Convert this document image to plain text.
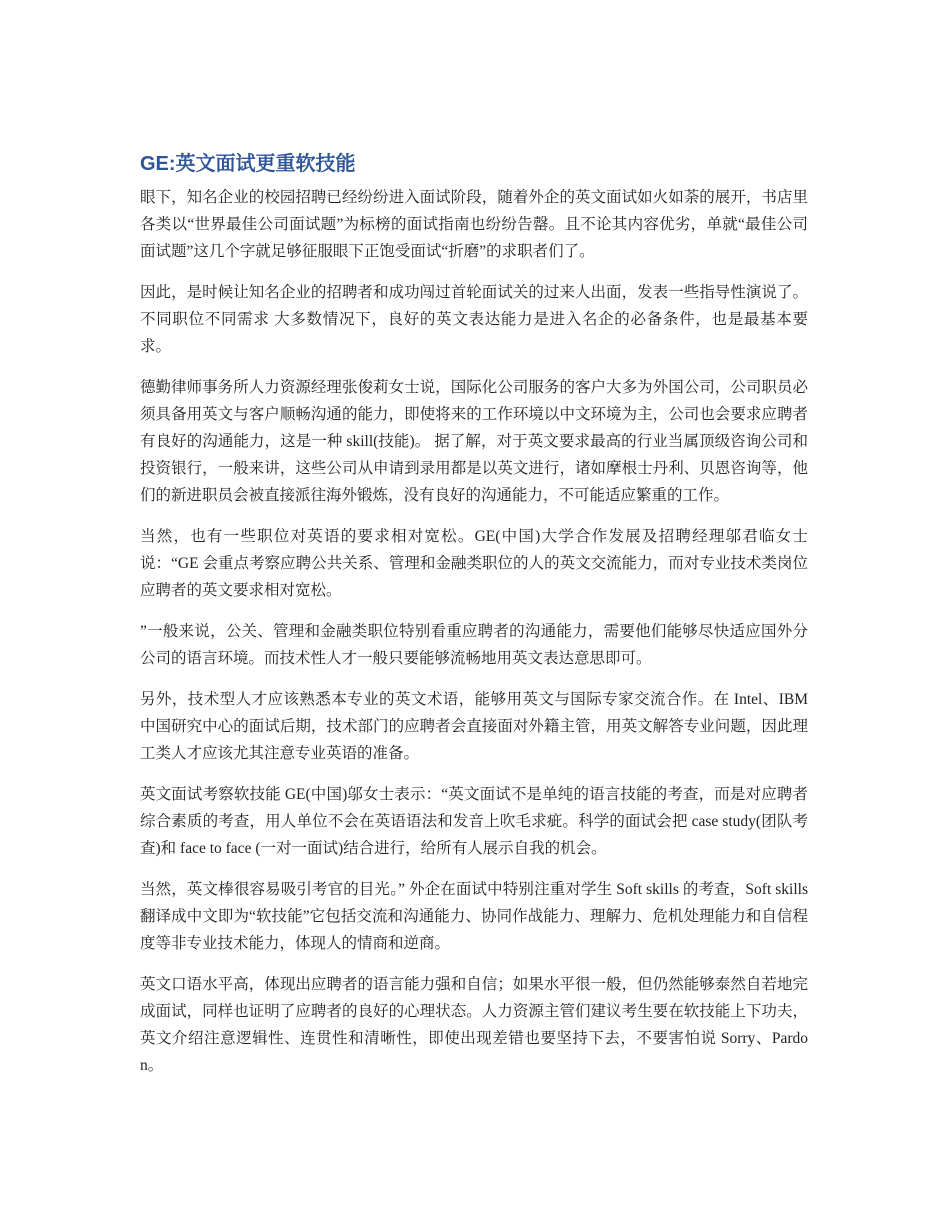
GE:英文面试更重软技能

眼下，知名企业的校园招聘已经纷纷进入面试阶段，随着外企的英文面试如火如荼的展开，书店里各类以“世界最佳公司面试题”为标榜的面试指南也纷纷告罄。且不论其内容优劣，单就“最佳公司面试题”这几个字就足够征服眼下正饱受面试“折磨”的求职者们了。

因此，是时候让知名企业的招聘者和成功闯过首轮面试关的过来人出面，发表一些指导性演说了。 不同职位不同需求 大多数情况下，良好的英文表达能力是进入名企的必备条件，也是最基本要求。

德勤律师事务所人力资源经理张俊莉女士说，国际化公司服务的客户大多为外国公司，公司职员必须具备用英文与客户顺畅沟通的能力，即使将来的工作环境以中文环境为主，公司也会要求应聘者有良好的沟通能力，这是一种 skill(技能)。 据了解，对于英文要求最高的行业当属顶级咨询公司和投资银行，一般来讲，这些公司从申请到录用都是以英文进行，诸如摩根士丹利、贝恩咨询等，他们的新进职员会被直接派往海外锻炼，没有良好的沟通能力，不可能适应繁重的工作。

当然，也有一些职位对英语的要求相对宽松。GE(中国)大学合作发展及招聘经理邬君临女士说：“GE 会重点考察应聘公共关系、管理和金融类职位的人的英文交流能力，而对专业技术类岗位应聘者的英文要求相对宽松。

”一般来说，公关、管理和金融类职位特别看重应聘者的沟通能力，需要他们能够尽快适应国外分公司的语言环境。而技术性人才一般只要能够流畅地用英文表达意思即可。

另外，技术型人才应该熟悉本专业的英文术语，能够用英文与国际专家交流合作。在 Intel、IBM 中国研究中心的面试后期，技术部门的应聘者会直接面对外籍主管，用英文解答专业问题，因此理工类人才应该尤其注意专业英语的准备。

英文面试考察软技能 GE(中国)邬女士表示：“英文面试不是单纯的语言技能的考查，而是对应聘者综合素质的考查，用人单位不会在英语语法和发音上吹毛求疵。科学的面试会把 case study(团队考查)和 face to face (一对一面试)结合进行，给所有人展示自我的机会。

当然，英文棒很容易吸引考官的目光。” 外企在面试中特别注重对学生 Soft skills 的考查，Soft skills 翻译成中文即为“软技能”它包括交流和沟通能力、协同作战能力、理解力、危机处理能力和自信程度等非专业技术能力，体现人的情商和逆商。

英文口语水平高，体现出应聘者的语言能力强和自信；如果水平很一般，但仍然能够泰然自若地完成面试，同样也证明了应聘者的良好的心理状态。人力资源主管们建议考生要在软技能上下功夫，英文介绍注意逻辑性、连贯性和清晰性，即使出现差错也要坚持下去，不要害怕说 Sorry、Pardon。
